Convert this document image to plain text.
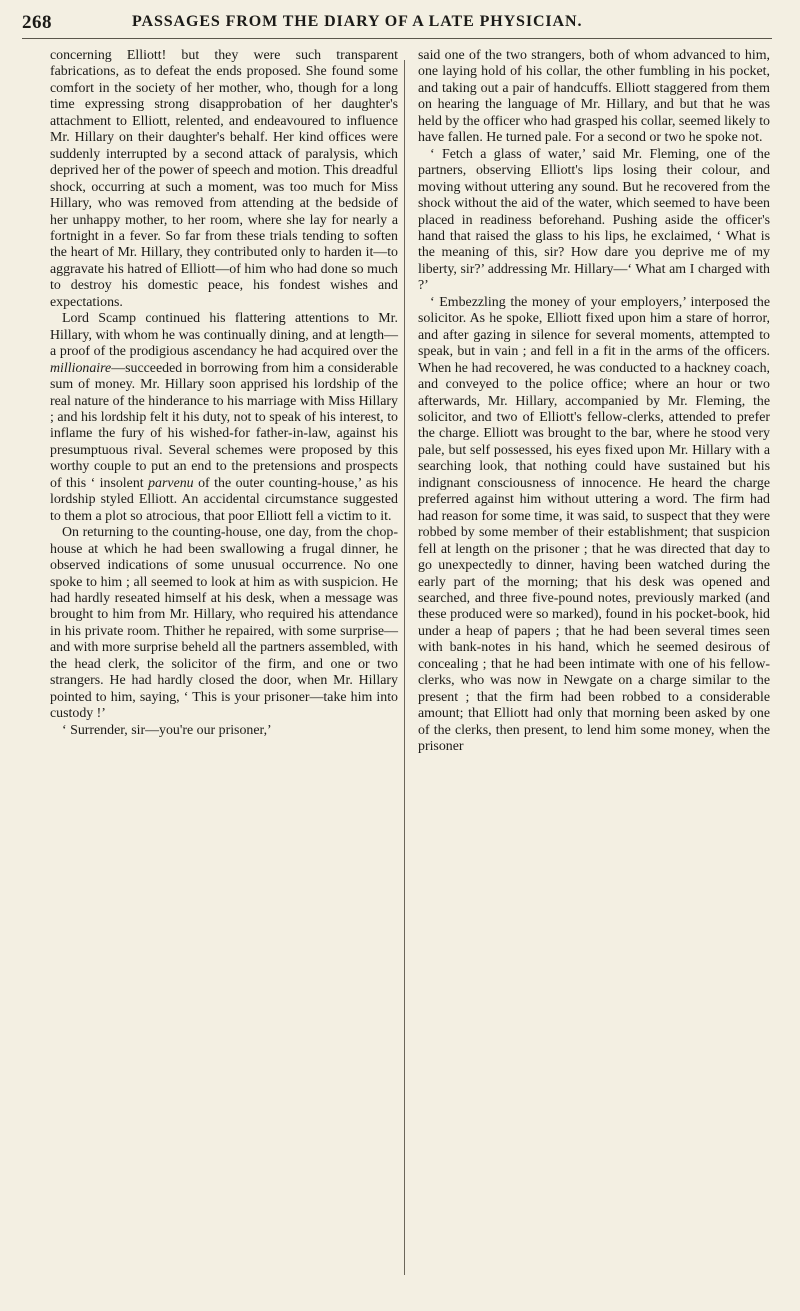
268	PASSAGES FROM THE DIARY OF A LATE PHYSICIAN.

concerning Elliott! but they were such transparent fabrications, as to defeat the ends proposed. She found some comfort in the society of her mother, who, though for a long time expressing strong disapprobation of her daughter's attachment to Elliott, relented, and endeavoured to influence Mr. Hillary on their daughter's behalf. Her kind offices were suddenly interrupted by a second attack of paralysis, which deprived her of the power of speech and motion. This dreadful shock, occurring at such a moment, was too much for Miss Hillary, who was removed from attending at the bedside of her unhappy mother, to her room, where she lay for nearly a fortnight in a fever. So far from these trials tending to soften the heart of Mr. Hillary, they contributed only to harden it—to aggravate his hatred of Elliott—of him who had done so much to destroy his domestic peace, his fondest wishes and expectations.

Lord Scamp continued his flattering attentions to Mr. Hillary, with whom he was continually dining, and at length—a proof of the prodigious ascendancy he had acquired over the millionaire—succeeded in borrowing from him a considerable sum of money. Mr. Hillary soon apprised his lordship of the real nature of the hinderance to his marriage with Miss Hillary ; and his lordship felt it his duty, not to speak of his interest, to inflame the fury of his wished-for father-in-law, against his presumptuous rival. Several schemes were proposed by this worthy couple to put an end to the pretensions and prospects of this ‘ insolent parvenu of the outer counting-house,’ as his lordship styled Elliott. An accidental circumstance suggested to them a plot so atrocious, that poor Elliott fell a victim to it.

On returning to the counting-house, one day, from the chop-house at which he had been swallowing a frugal dinner, he observed indications of some unusual occurrence. No one spoke to him ; all seemed to look at him as with suspicion. He had hardly reseated himself at his desk, when a message was brought to him from Mr. Hillary, who required his attendance in his private room. Thither he repaired, with some surprise—and with more surprise beheld all the partners assembled, with the head clerk, the solicitor of the firm, and one or two strangers. He had hardly closed the door, when Mr. Hillary pointed to him, saying, ‘ This is your prisoner—take him into custody !’

‘ Surrender, sir—you're our prisoner,’

said one of the two strangers, both of whom advanced to him, one laying hold of his collar, the other fumbling in his pocket, and taking out a pair of handcuffs. Elliott staggered from them on hearing the language of Mr. Hillary, and but that he was held by the officer who had grasped his collar, seemed likely to have fallen. He turned pale. For a second or two he spoke not.

‘ Fetch a glass of water,’ said Mr. Fleming, one of the partners, observing Elliott's lips losing their colour, and moving without uttering any sound. But he recovered from the shock without the aid of the water, which seemed to have been placed in readiness beforehand. Pushing aside the officer's hand that raised the glass to his lips, he exclaimed, ‘ What is the meaning of this, sir? How dare you deprive me of my liberty, sir?’ addressing Mr. Hillary—‘ What am I charged with ?’

‘ Embezzling the money of your employers,’ interposed the solicitor. As he spoke, Elliott fixed upon him a stare of horror, and after gazing in silence for several moments, attempted to speak, but in vain ; and fell in a fit in the arms of the officers. When he had recovered, he was conducted to a hackney coach, and conveyed to the police office; where an hour or two afterwards, Mr. Hillary, accompanied by Mr. Fleming, the solicitor, and two of Elliott's fellow-clerks, attended to prefer the charge. Elliott was brought to the bar, where he stood very pale, but self possessed, his eyes fixed upon Mr. Hillary with a searching look, that nothing could have sustained but his indignant consciousness of innocence. He heard the charge preferred against him without uttering a word. The firm had had reason for some time, it was said, to suspect that they were robbed by some member of their establishment; that suspicion fell at length on the prisoner ; that he was directed that day to go unexpectedly to dinner, having been watched during the early part of the morning; that his desk was opened and searched, and three five-pound notes, previously marked (and these produced were so marked), found in his pocket-book, hid under a heap of papers ; that he had been several times seen with bank-notes in his hand, which he seemed desirous of concealing ; that he had been intimate with one of his fellow-clerks, who was now in Newgate on a charge similar to the present ; that the firm had been robbed to a considerable amount; that Elliott had only that morning been asked by one of the clerks, then present, to lend him some money, when the prisoner
